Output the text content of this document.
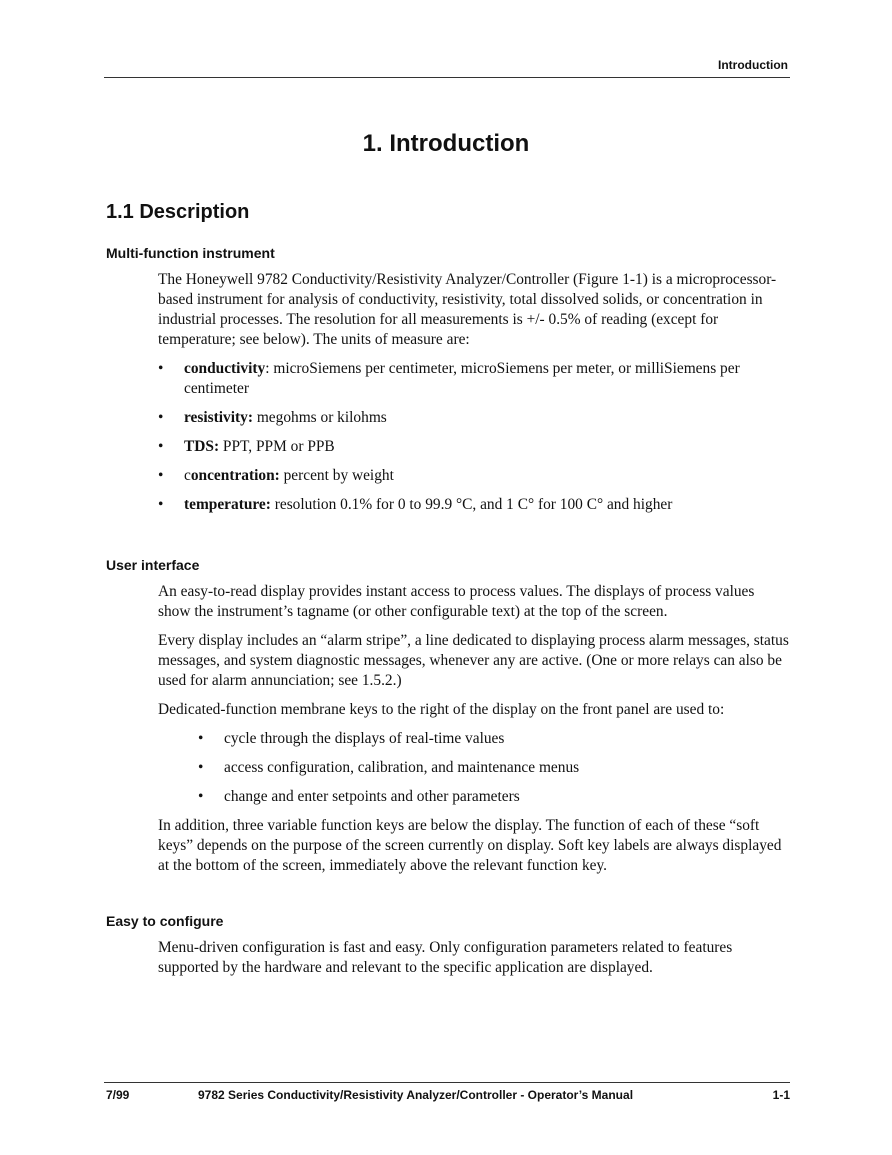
Introduction
1. Introduction
1.1 Description
Multi-function instrument

The Honeywell 9782 Conductivity/Resistivity Analyzer/Controller (Figure 1-1) is a microprocessor-based instrument for analysis of conductivity, resistivity, total dissolved solids, or concentration in industrial processes. The resolution for all measurements is +/- 0.5% of reading (except for temperature; see below). The units of measure are:

• conductivity: microSiemens per centimeter, microSiemens per meter, or milliSiemens per centimeter
• resistivity: megohms or kilohms
• TDS: PPT, PPM or PPB
• concentration: percent by weight
• temperature: resolution 0.1% for 0 to 99.9 °C, and 1 C° for 100 C° and higher
User interface

An easy-to-read display provides instant access to process values. The displays of process values show the instrument’s tagname (or other configurable text) at the top of the screen.

Every display includes an “alarm stripe”, a line dedicated to displaying process alarm messages, status messages, and system diagnostic messages, whenever any are active. (One or more relays can also be used for alarm annunciation; see 1.5.2.)

Dedicated-function membrane keys to the right of the display on the front panel are used to:

• cycle through the displays of real-time values
• access configuration, calibration, and maintenance menus
• change and enter setpoints and other parameters

In addition, three variable function keys are below the display. The function of each of these “soft keys” depends on the purpose of the screen currently on display. Soft key labels are always displayed at the bottom of the screen, immediately above the relevant function key.

Easy to configure

Menu-driven configuration is fast and easy. Only configuration parameters related to features supported by the hardware and relevant to the specific application are displayed.

7/99	9782 Series Conductivity/Resistivity Analyzer/Controller - Operator’s Manual	1-1
